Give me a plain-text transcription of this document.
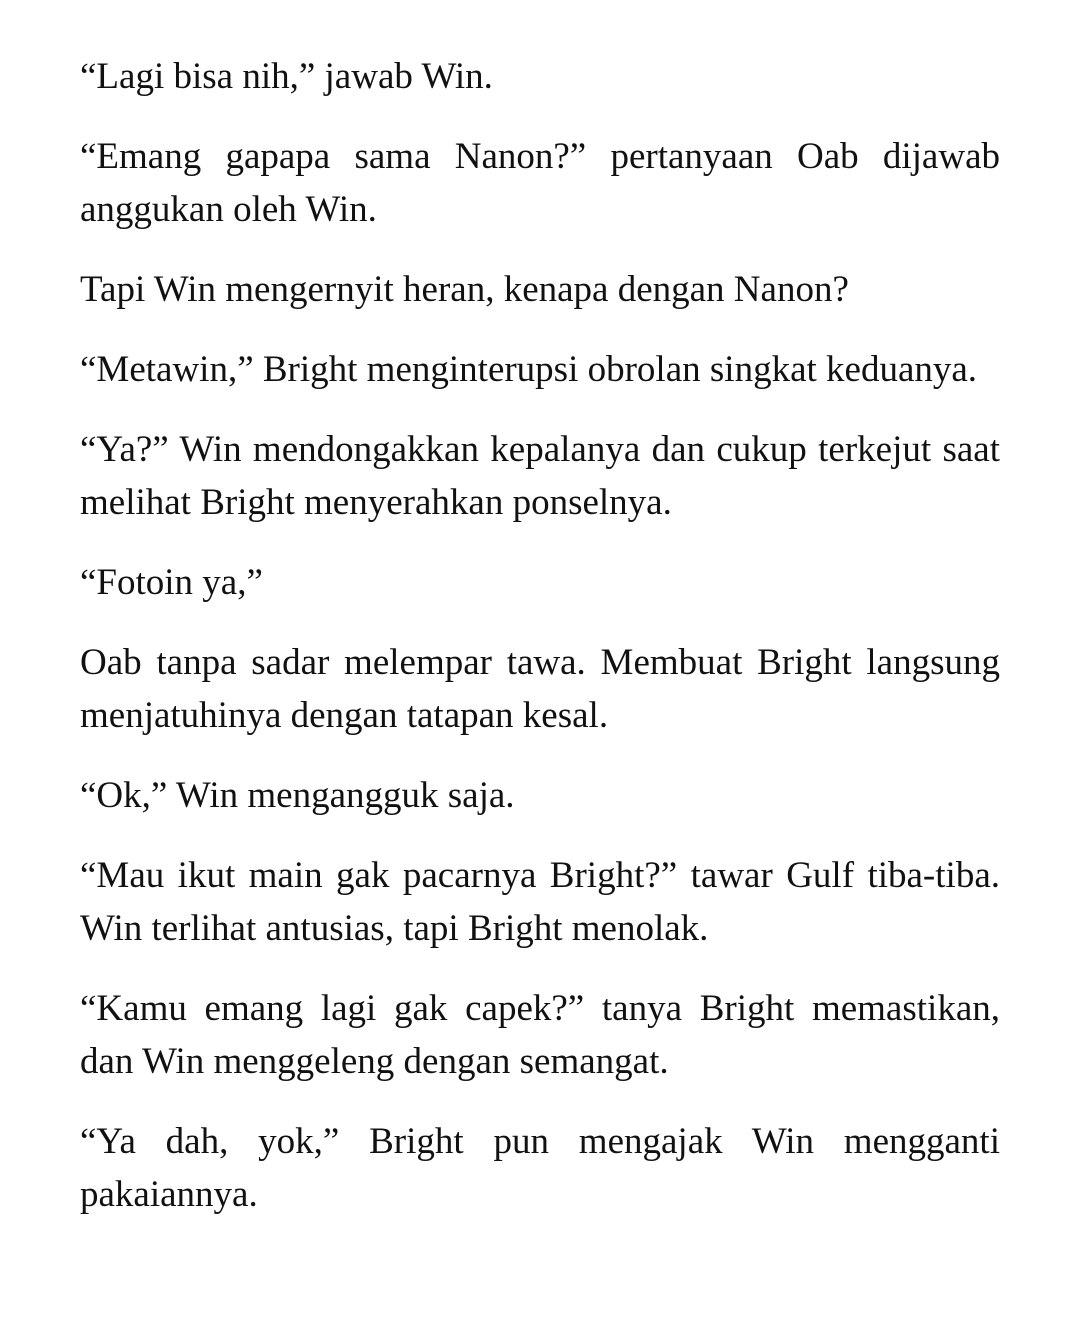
“Lagi bisa nih,” jawab Win.

“Emang gapapa sama Nanon?” pertanyaan Oab dijawab anggukan oleh Win.

Tapi Win mengernyit heran, kenapa dengan Nanon?

“Metawin,” Bright menginterupsi obrolan singkat keduanya.

“Ya?” Win mendongakkan kepalanya dan cukup terkejut saat melihat Bright menyerahkan ponselnya.

“Fotoin ya,”

Oab tanpa sadar melempar tawa. Membuat Bright langsung menjatuhinya dengan tatapan kesal.

“Ok,” Win mengangguk saja.

“Mau ikut main gak pacarnya Bright?” tawar Gulf tiba-tiba. Win terlihat antusias, tapi Bright menolak.

“Kamu emang lagi gak capek?” tanya Bright memastikan, dan Win menggeleng dengan semangat.

“Ya dah, yok,” Bright pun mengajak Win mengganti pakaiannya.
